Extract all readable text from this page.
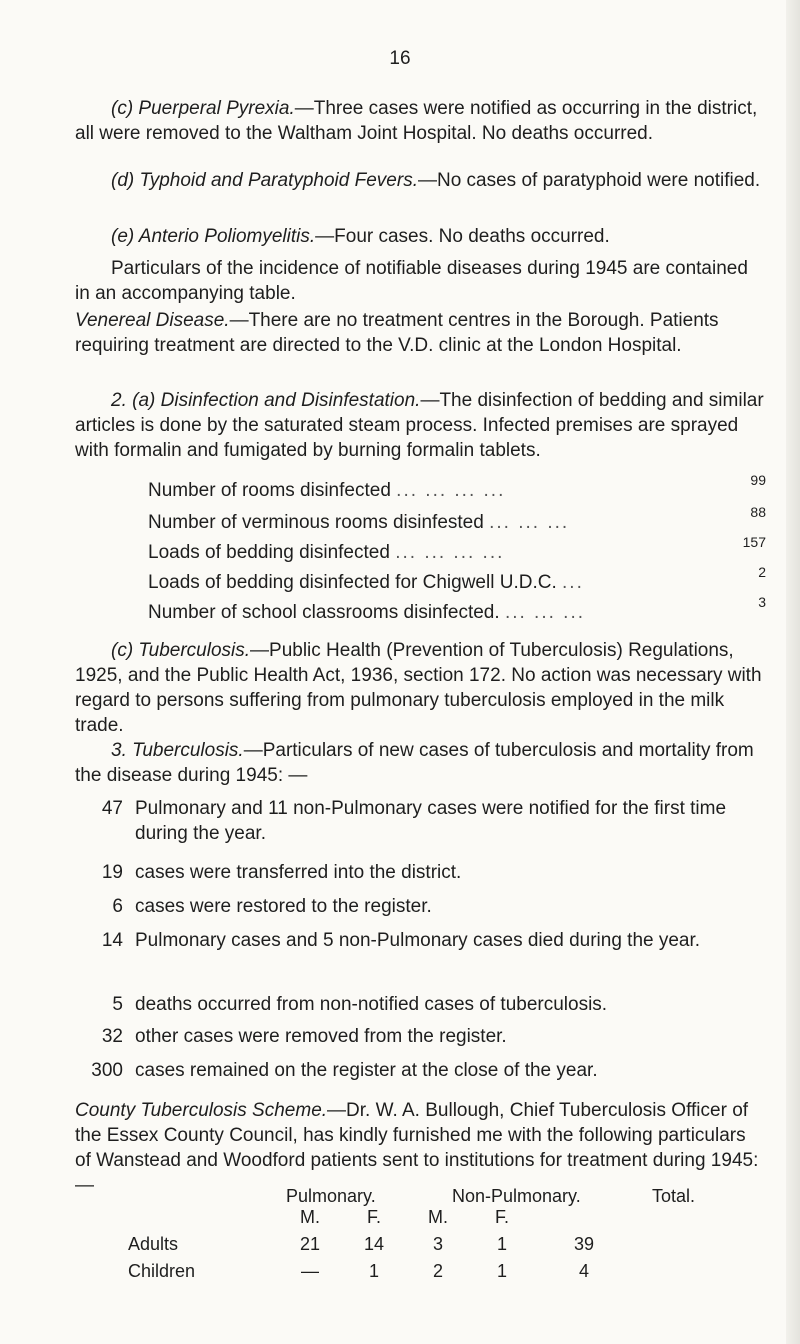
16

(c) Puerperal Pyrexia.—Three cases were notified as occurring in the district, all were removed to the Waltham Joint Hospital. No deaths occurred.

(d) Typhoid and Paratyphoid Fevers.—No cases of paratyphoid were notified.

(e) Anterio Poliomyelitis.—Four cases. No deaths occurred.

Particulars of the incidence of notifiable diseases during 1945 are contained in an accompanying table.

Venereal Disease.—There are no treatment centres in the Borough. Patients requiring treatment are directed to the V.D. clinic at the London Hospital.

2. (a) Disinfection and Disinfestation.—The disinfection of bedding and similar articles is done by the saturated steam process. Infected premises are sprayed with formalin and fumigated by burning formalin tablets.

Number of rooms disinfected ... ... ... ...	99
Number of verminous rooms disinfested ... ... ...	88
Loads of bedding disinfected ... ... ... ...	157
Loads of bedding disinfected for Chigwell U.D.C. ...	2
Number of school classrooms disinfected. ... ... ...	3

(c) Tuberculosis.—Public Health (Prevention of Tuberculosis) Regulations, 1925, and the Public Health Act, 1936, section 172. No action was necessary with regard to persons suffering from pulmonary tuberculosis employed in the milk trade.

3. Tuberculosis.—Particulars of new cases of tuberculosis and mortality from the disease during 1945: —

47 Pulmonary and 11 non-Pulmonary cases were notified for the first time during the year.
19 cases were transferred into the district.
6 cases were restored to the register.
14 Pulmonary cases and 5 non-Pulmonary cases died during the year.
5 deaths occurred from non-notified cases of tuberculosis.
32 other cases were removed from the register.
300 cases remained on the register at the close of the year.

County Tuberculosis Scheme.—Dr. W. A. Bullough, Chief Tuberculosis Officer of the Essex County Council, has kindly furnished me with the following particulars of Wanstead and Woodford patients sent to institutions for treatment during 1945: —	Pulmonary.	Non-Pulmonary.	Total.
	M.	F.	M.	F.	
Adults	21	14	3	1	39
Children	—	1	2	1	4
